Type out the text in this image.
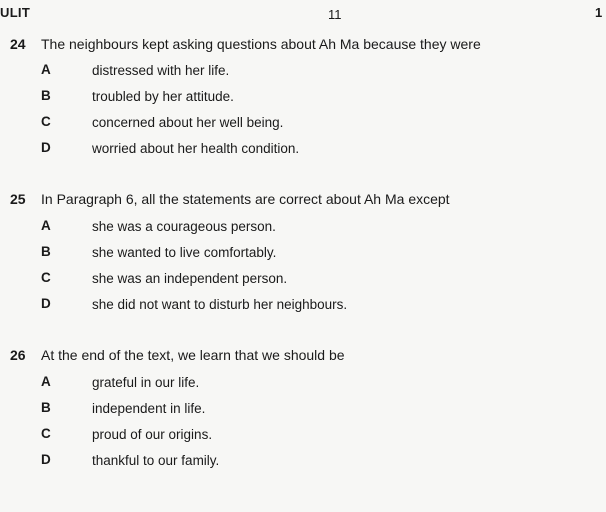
ULIT	11	1
24 The neighbours kept asking questions about Ah Ma because they were
A	distressed with her life.
B	troubled by her attitude.
C	concerned about her well being.
D	worried about her health condition.
25 In Paragraph 6, all the statements are correct about Ah Ma except
A	she was a courageous person.
B	she wanted to live comfortably.
C	she was an independent person.
D	she did not want to disturb her neighbours.
26 At the end of the text, we learn that we should be
A	grateful in our life.
B	independent in life.
C	proud of our origins.
D	thankful to our family.
